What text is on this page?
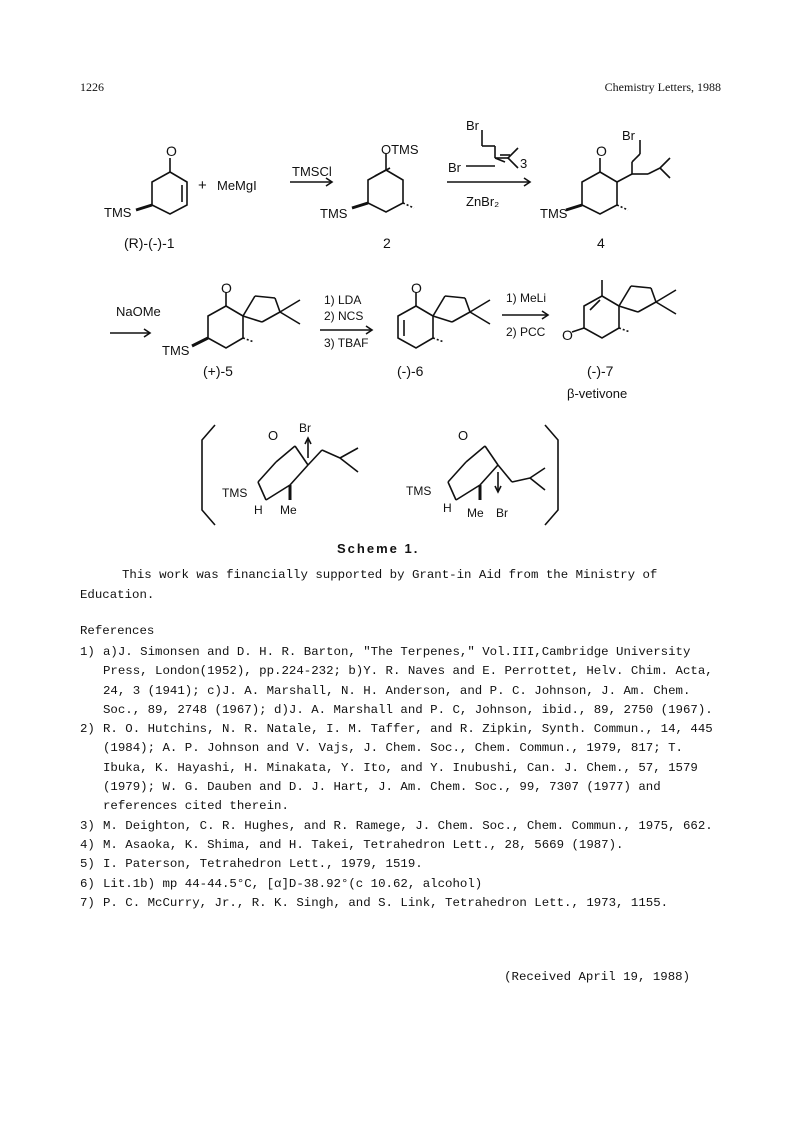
1226	Chemistry Letters, 1988
O
TMS
(R)-(-)-1
+ MeMgI
TMSCl
OTMS
TMS
2
Br
Br	3
ZnBr₂
O
Br
TMS
4
NaOMe
O
TMS
(+)-5
1) LDA
2) NCS
3) TBAF
O
(-)-6
1) MeLi
2) PCC O
(-)-7
β-vetivone
O Br
TMS
H Me
O
TMS
H Me Br
Scheme 1.
This work was financially supported by Grant-in Aid from the Ministry of
Education.
References
1) a)J. Simonsen and D. H. R. Barton, "The Terpenes," Vol.III,Cambridge University Press, London(1952), pp.224-232; b)Y. R. Naves and E. Perrottet, Helv. Chim. Acta, 24, 3 (1941); c)J. A. Marshall, N. H. Anderson, and P. C. Johnson, J. Am. Chem. Soc., 89, 2748 (1967); d)J. A. Marshall and P. C, Johnson, ibid., 89, 2750 (1967).
2) R. O. Hutchins, N. R. Natale, I. M. Taffer, and R. Zipkin, Synth. Commun., 14, 445 (1984); A. P. Johnson and V. Vajs, J. Chem. Soc., Chem. Commun., 1979, 817; T. Ibuka, K. Hayashi, H. Minakata, Y. Ito, and Y. Inubushi, Can. J. Chem., 57, 1579 (1979); W. G. Dauben and D. J. Hart, J. Am. Chem. Soc., 99, 7307 (1977) and references cited therein.
3) M. Deighton, C. R. Hughes, and R. Ramege, J. Chem. Soc., Chem. Commun., 1975, 662.
4) M. Asaoka, K. Shima, and H. Takei, Tetrahedron Lett., 28, 5669 (1987).
5) I. Paterson, Tetrahedron Lett., 1979, 1519.
6) Lit.1b) mp 44-44.5°C, [α]D-38.92°(c 10.62, alcohol)
7) P. C. McCurry, Jr., R. K. Singh, and S. Link, Tetrahedron Lett., 1973, 1155.
(Received April 19, 1988)
